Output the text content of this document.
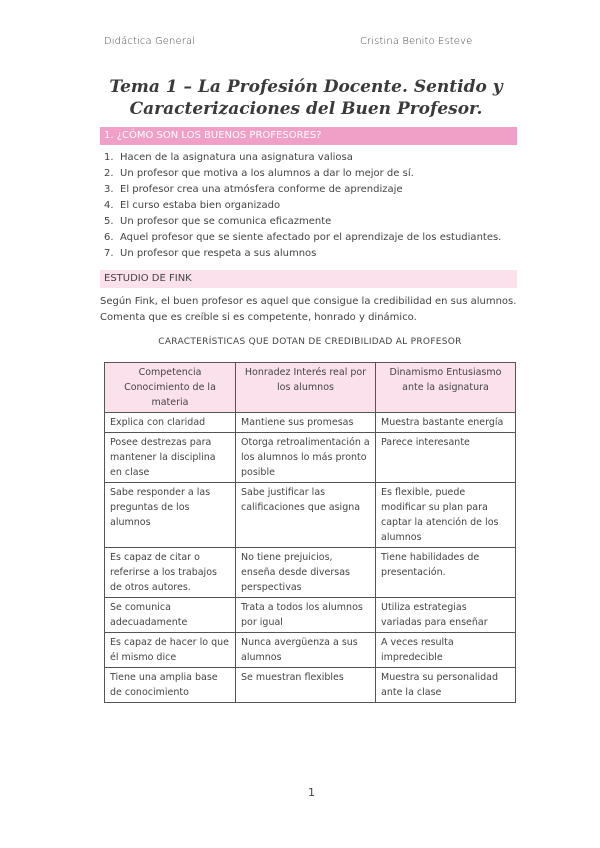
Didáctica General	Cristina Benito Esteve
Tema 1 – La Profesión Docente. Sentido y
Caracterizaciones del Buen Profesor.
1. ¿CÓMO SON LOS BUENOS PROFESORES?
1. Hacen de la asignatura una asignatura valiosa
2. Un profesor que motiva a los alumnos a dar lo mejor de sí.
3. El profesor crea una atmósfera conforme de aprendizaje
4. El curso estaba bien organizado
5. Un profesor que se comunica eficazmente
6. Aquel profesor que se siente afectado por el aprendizaje de los estudiantes.
7. Un profesor que respeta a sus alumnos
ESTUDIO DE FINK
Según Fink, el buen profesor es aquel que consigue la credibilidad en sus alumnos. Comenta que es creíble si es competente, honrado y dinámico.
CARACTERÍSTICAS QUE DOTAN DE CREDIBILIDAD AL PROFESOR
Competencia Conocimiento de la materia	Honradez Interés real por los alumnos	Dinamismo Entusiasmo ante la asignatura
Explica con claridad	Mantiene sus promesas	Muestra bastante energía
Posee destrezas para mantener la disciplina en clase	Otorga retroalimentación a los alumnos lo más pronto posible	Parece interesante
Sabe responder a las preguntas de los alumnos	Sabe justificar las calificaciones que asigna	Es flexible, puede modificar su plan para captar la atención de los alumnos
Es capaz de citar o referirse a los trabajos de otros autores.	No tiene prejuicios, enseña desde diversas perspectivas	Tiene habilidades de presentación.
Se comunica adecuadamente	Trata a todos los alumnos por igual	Utiliza estrategias variadas para enseñar
Es capaz de hacer lo que él mismo dice	Nunca avergüenza a sus alumnos	A veces resulta impredecible
Tiene una amplia base de conocimiento	Se muestran flexibles	Muestra su personalidad ante la clase
1
